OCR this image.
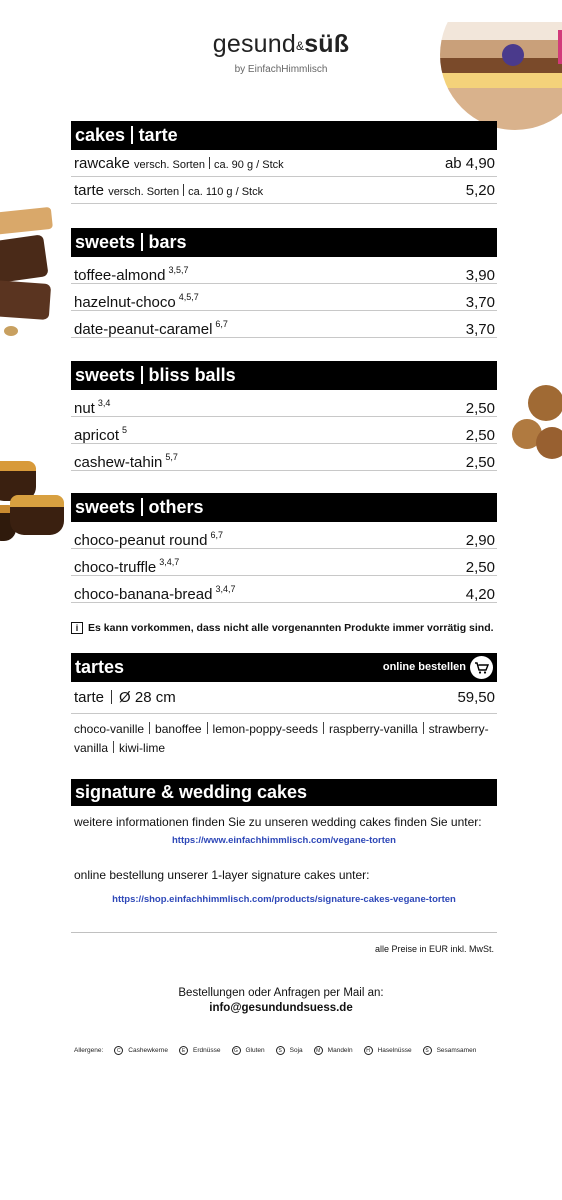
gesund&süß
by EinfachHimmlisch
cakes tarte
rawcake versch. Sorten ca. 90 g / Stck	ab 4,90
tarte versch. Sorten ca. 110 g / Stck	5,20
sweets bars
toffee-almond $^{3,5,7}$	3,90
hazelnut-choco $^{4,5,7}$	3,70
date-peanut-caramel $^{6,7}$	3,70
sweets bliss balls
nut $^{3,4}$	2,50
apricot $^5$	2,50
cashew-tahin $^{5,7}$	2,50
sweets others
choco-peanut round $^{6,7}$	2,90
choco-truffle $^{3,4,7}$	2,50
choco-banana-bread $^{3,4,7}$	4,20
i Es kann vorkommen, dass nicht alle vorgenannten Produkte immer vorrätig sind.
tartes	online bestellen
tarte Ø 28 cm	59,50
choco-vanille banoffee lemon-poppy-seeds raspberry-vanilla strawberry-vanilla kiwi-lime
signature & wedding cakes
weitere informationen finden Sie zu unseren wedding cakes finden Sie unter:
https://www.einfachhimmlisch.com/vegane-torten
online bestellung unserer 1-layer signature cakes unter:
https://shop.einfachhimmlisch.com/products/signature-cakes-vegane-torten
alle Preise in EUR inkl. MwSt.
Bestellungen oder Anfragen per Mail an:
info@gesundundsuess.de
Allergene:	C	Cashewkerne	E	Erdnüsse	G	Gluten	S	Soja	M	Mandeln	H	Haselnüsse	S	Sesamsamen
